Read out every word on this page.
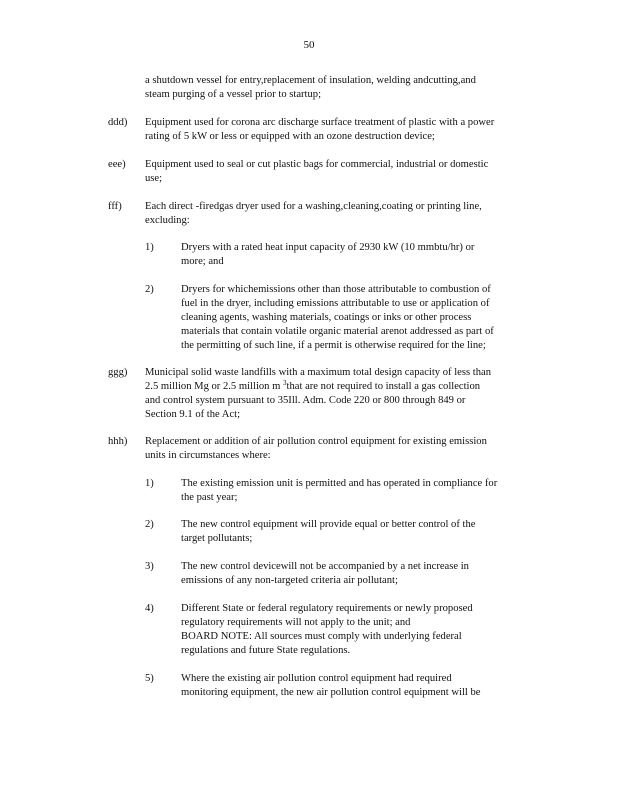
50
a shutdown vessel for entry,replacement of insulation, welding andcutting,and
steam purging of a vessel prior to startup;
ddd) Equipment used for corona arc discharge surface treatment of plastic with a power
rating of 5 kW or less or equipped with an ozone destruction device;
eee) Equipment used to seal or cut plastic bags for commercial, industrial or domestic
use;
fff) Each direct -firedgas dryer used for a washing,cleaning,coating or printing line,
excluding:
1)	Dryers with a rated heat input capacity of 2930 kW (10 mmbtu/hr) or
more; and
2)	Dryers for whichemissions other than those attributable to combustion of
fuel in the dryer, including emissions attributable to use or application of
cleaning agents, washing materials, coatings or inks or other process
materials that contain volatile organic material arenot addressed as part of
the permitting of such line, if a permit is otherwise required for the line;
ggg) Municipal solid waste landfills with a maximum total design capacity of less than
2.5 million Mg or 2.5 million m $^3$that are not required to install a gas collection
and control system pursuant to 35Ill. Adm. Code 220 or 800 through 849 or
Section 9.1 of the Act;
hhh) Replacement or addition of air pollution control equipment for existing emission
units in circumstances where:
1)	The existing emission unit is permitted and has operated in compliance for
the past year;
2)	The new control equipment will provide equal or better control of the
target pollutants;
3)	The new control devicewill not be accompanied by a net increase in
emissions of any non-targeted criteria air pollutant;
4)	Different State or federal regulatory requirements or newly proposed
regulatory requirements will not apply to the unit; and
BOARD NOTE: All sources must comply with underlying federal
regulations and future State regulations.
5)	Where the existing air pollution control equipment had required
monitoring equipment, the new air pollution control equipment will be
